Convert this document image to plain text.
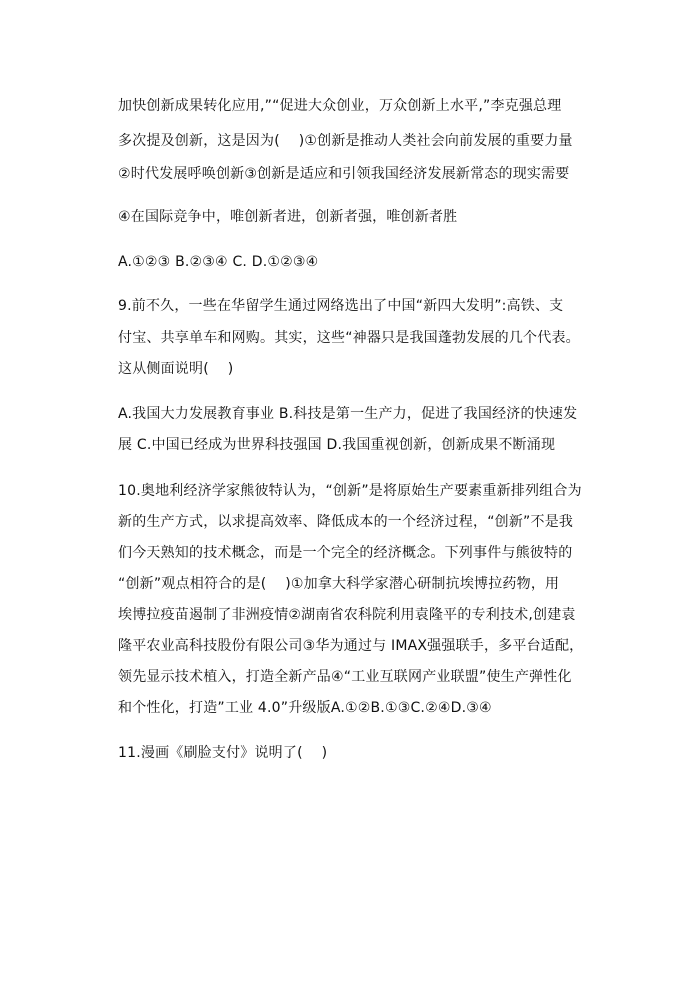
加快创新成果转化应用,”“促进大众创业，万众创新上水平,”李克强总理
多次提及创新，这是因为(　 )①创新是推动人类社会向前发展的重要力量
②时代发展呼唤创新③创新是适应和引领我国经济发展新常态的现实需要
④在国际竞争中，唯创新者进，创新者强，唯创新者胜
A.①②③ B.②③④ C. D.①②③④
9.前不久，一些在华留学生通过网络选出了中国“新四大发明”:高铁、支
付宝、共享单车和网购。其实，这些“神器只是我国蓬勃发展的几个代表。
这从侧面说明(　 )
A.我国大力发展教育事业 B.科技是第一生产力，促进了我国经济的快速发
展 C.中国已经成为世界科技强国 D.我国重视创新，创新成果不断涌现
10.奥地利经济学家熊彼特认为，“创新”是将原始生产要素重新排列组合为
新的生产方式，以求提高效率、降低成本的一个经济过程，“创新”不是我
们今天熟知的技术概念，而是一个完全的经济概念。下列事件与熊彼特的
“创新”观点相符合的是(　 )①加拿大科学家潜心研制抗埃博拉药物，用
埃博拉疫苗遏制了非洲疫情②湖南省农科院利用袁隆平的专利技术,创建袁
隆平农业高科技股份有限公司③华为通过与 IMAX强强联手，多平台适配，
领先显示技术植入，打造全新产品④“工业互联网产业联盟”使生产弹性化
和个性化，打造”工业 4.0”升级版A.①②B.①③C.②④D.③④
11.漫画《刷脸支付》说明了(　 )
